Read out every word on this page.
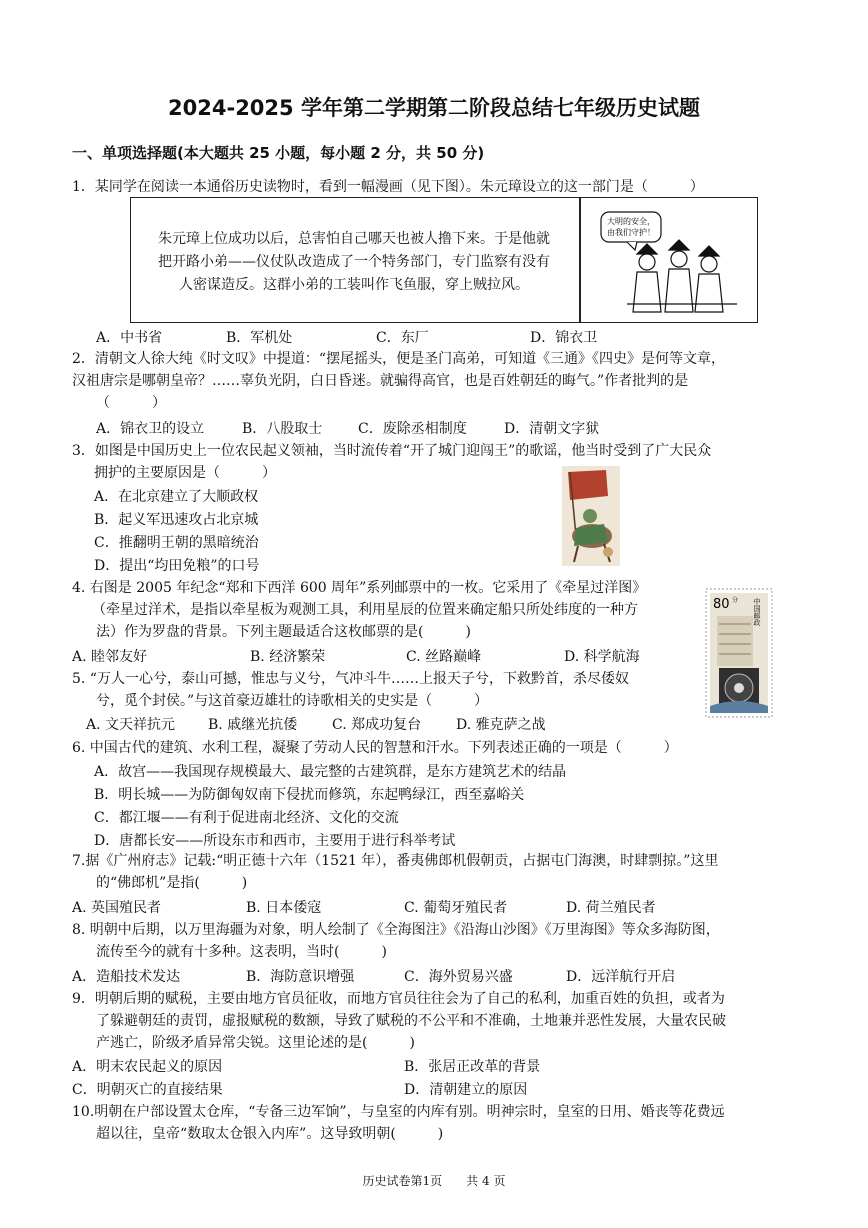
2024-2025 学年第二学期第二阶段总结七年级历史试题
一、单项选择题(本大题共 25 小题，每小题 2 分，共 50 分)
1．某同学在阅读一本通俗历史读物时，看到一幅漫画（见下图）。朱元璋设立的这一部门是（　　　）
朱元璋上位成功以后，总害怕自己哪天也被人撸下来。于是他就
把开路小弟——仪仗队改造成了一个特务部门，专门监察有没有
人密谋造反。这群小弟的工装叫作飞鱼服，穿上贼拉风。
大明的安全，
由我们守护！
A．中书省	B．军机处	C．东厂	D．锦衣卫
2．清朝文人徐大纯《时文叹》中提道：“摆尾摇头，便是圣门高弟，可知道《三通》《四史》是何等文章，
汉祖唐宗是哪朝皇帝？……辜负光阴，白日昏迷。就骗得高官，也是百姓朝廷的晦气。”作者批判的是
（　　　）
A．锦衣卫的设立	B．八股取士	C．废除丞相制度	D．清朝文字狱
3．如图是中国历史上一位农民起义领袖，当时流传着“开了城门迎闯王”的歌谣，他当时受到了广大民众
拥护的主要原因是（　　　）
A．在北京建立了大顺政权
B．起义军迅速攻占北京城
C．推翻明王朝的黑暗统治
D．提出“均田免粮”的口号
4. 右图是 2005 年纪念“郑和下西洋 600 周年”系列邮票中的一枚。它采用了《牵星过洋图》
（牵星过洋术，是指以牵星板为观测工具，利用星辰的位置来确定船只所处纬度的一种方
法）作为罗盘的背景。下列主题最适合这枚邮票的是(　　　)
A. 睦邻友好	B. 经济繁荣	C. 丝路巅峰	D. 科学航海
80 分 中国邮政
5. “万人一心兮，泰山可撼，惟忠与义兮，气冲斗牛……上报天子兮，下救黔首，杀尽倭奴
兮，觅个封侯。”与这首豪迈雄壮的诗歌相关的史实是（　　　）
A. 文天祥抗元 B. 戚继光抗倭 C. 郑成功复台 D. 雅克萨之战
6. 中国古代的建筑、水利工程，凝聚了劳动人民的智慧和汗水。下列表述正确的一项是（　　　）
A．故宫——我国现存规模最大、最完整的古建筑群，是东方建筑艺术的结晶
B．明长城——为防御匈奴南下侵扰而修筑，东起鸭绿江，西至嘉峪关
C．都江堰——有利于促进南北经济、文化的交流
D．唐都长安——所设东市和西市，主要用于进行科举考试
7.据《广州府志》记载:“明正德十六年（1521 年），番夷佛郎机假朝贡，占据屯门海澳，时肆剽掠。”这里
的“佛郎机”是指(　　　)
A. 英国殖民者	B. 日本倭寇	C. 葡萄牙殖民者	D. 荷兰殖民者
8. 明朝中后期，以万里海疆为对象，明人绘制了《全海图注》《沿海山沙图》《万里海图》等众多海防图，
流传至今的就有十多种。这表明，当时(　　　)
A．造船技术发达	B．海防意识增强	C．海外贸易兴盛	D．远洋航行开启
9．明朝后期的赋税，主要由地方官员征收，而地方官员往往会为了自己的私利，加重百姓的负担，或者为
了躲避朝廷的责罚，虚报赋税的数额，导致了赋税的不公平和不准确，土地兼并恶性发展，大量农民破
产逃亡，阶级矛盾异常尖锐。这里论述的是(　　　)
A．明末农民起义的原因	B．张居正改革的背景
C．明朝灭亡的直接结果	D．清朝建立的原因
10.明朝在户部设置太仓库，“专备三边军饷”，与皇室的内库有别。明神宗时，皇室的日用、婚丧等花费远
超以往，皇帝“数取太仓银入内库”。这导致明朝(　　　)
历史试卷第1页　　共 4 页
